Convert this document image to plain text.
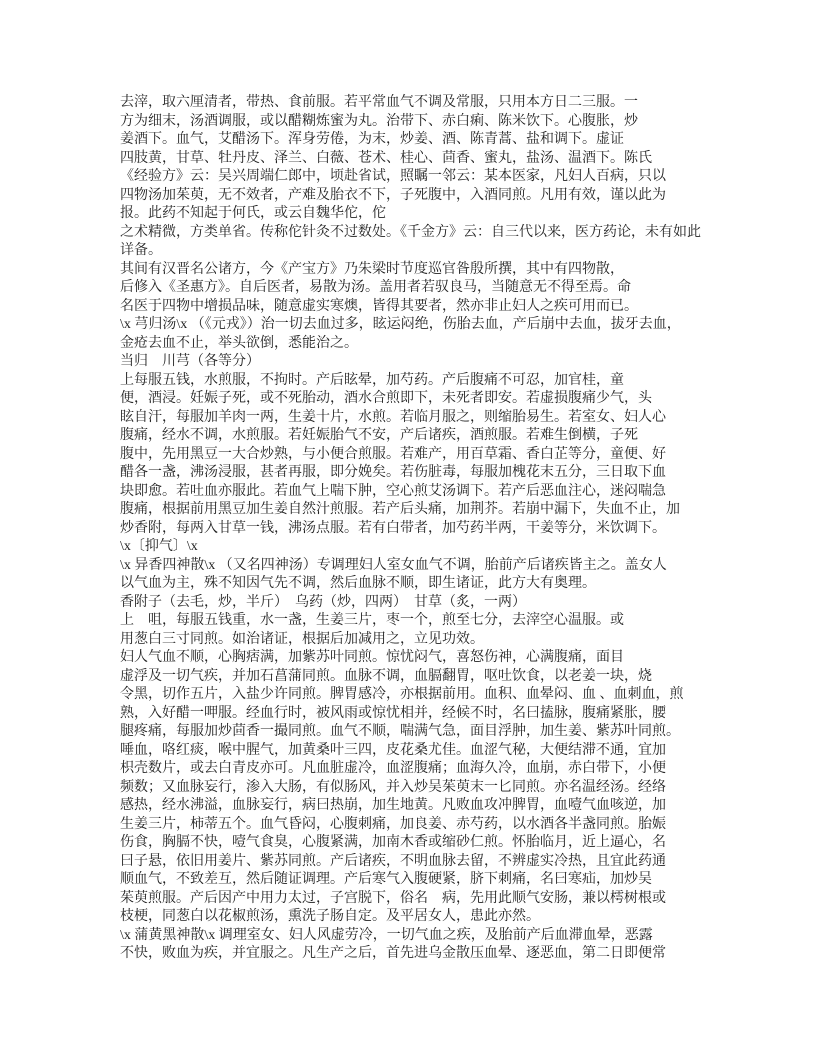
去滓，取六厘清者，带热、食前服。若平常血气不调及常服，只用本方日二三服。一
方为细末，汤酒调服，或以醋糊炼蜜为丸。治带下、赤白痢、陈米饮下。心腹胀，炒
姜酒下。血气，艾醋汤下。浑身劳倦，为末，炒姜、酒、陈青蒿、盐和调下。虚证
四肢黄，甘草、牡丹皮、泽兰、白薇、苍术、桂心、茴香、蜜丸，盐汤、温酒下。陈氏
《经验方》云：吴兴周端仁郎中，顷赴省试，照瞩一邻云：某本医家，凡妇人百病，只以
四物汤加茱萸，无不效者，产难及胎衣不下，子死腹中，入酒同煎。凡用有效，谨以此为
报。此药不知起于何氏，或云自魏华佗，佗
之术精微，方类单省。传称佗针灸不过数处。《千金方》云：自三代以来，医方药论，未有如此
详备。
其间有汉晋名公诸方，今《产宝方》乃朱梁时节度巡官昝殷所撰，其中有四物散，
后修入《圣惠方》。自后医者，易散为汤。盖用者若驭良马，当随意无不得至焉。命
名医于四物中增损品味，随意虚实寒燠，皆得其要者，然亦非止妇人之疾可用而已。
\x 芎归汤\x （《元戎》）治一切去血过多，眩运闷绝，伤胎去血，产后崩中去血，拔牙去血，
金疮去血不止，举头欲倒，悉能治之。
当归　川芎（各等分）
上每服五钱，水煎服，不拘时。产后眩晕，加芍药。产后腹痛不可忍，加官桂，童
便，酒浸。妊娠子死，或不死胎动，酒水合煎即下，未死者即安。若虚损腹痛少气，头
眩自汗，每服加羊肉一两，生姜十片，水煎。若临月服之，则缩胎易生。若室女、妇人心
腹痛，经水不调，水煎服。若妊娠胎气不安，产后诸疾，酒煎服。若难生倒横，子死
腹中，先用黑豆一大合炒熟，与小便合煎服。若难产，用百草霜、香白芷等分，童便、好
醋各一盏，沸汤浸服，甚者再服，即分娩矣。若伤脏毒，每服加槐花末五分，三日取下血
块即愈。若吐血亦服此。若血气上喘下肿，空心煎艾汤调下。若产后恶血注心，迷闷喘急
腹痛，根据前用黑豆加生姜自然汁煎服。若产后头痛，加荆芥。若崩中漏下，失血不止，加
炒香附，每两入甘草一钱，沸汤点服。若有白带者，加芍药半两，干姜等分，米饮调下。
\x〔抑气〕\x
\x 异香四神散\x （又名四神汤）专调理妇人室女血气不调，胎前产后诸疾皆主之。盖女人
以气血为主，殊不知因气先不调，然后血脉不顺，即生诸证，此方大有奥理。
香附子（去毛，炒，半斤）　乌药（炒，四两）　甘草（炙，一两）
上　咀，每服五钱重，水一盏，生姜三片，枣一个，煎至七分，去滓空心温服。或
用葱白三寸同煎。如治诸证，根据后加减用之，立见功效。
妇人气血不顺，心胸痞满，加紫苏叶同煎。惊忧闷气，喜怒伤神，心满腹痛，面目
虚浮及一切气疾，并加石菖蒲同煎。血脉不调，血膈翻胃，呕吐饮食，以老姜一块，烧
令黑，切作五片，入盐少许同煎。脾胃感冷，亦根据前用。血积、血晕闷、血 、血刺血，煎
熟，入好醋一呷服。经血行时，被风雨或惊忧相并，经候不时，名曰搕脉，腹痛紧胀，腰
腿疼痛，每服加炒茴香一撮同煎。血气不顺，喘满气急，面目浮肿，加生姜、紫苏叶同煎。
唾血，咯红痰，喉中腥气，加黄桑叶三四，皮花桑尤佳。血涩气秘，大便结滞不通，宜加
枳壳数片，或去白青皮亦可。凡血脏虚冷，血涩腹痛；血海久冷，血崩，赤白带下，小便
频数；又血脉妄行，渗入大肠，有似肠风，并入炒吴茱萸末一匕同煎。亦名温经汤。经络
感热，经水沸溢，血脉妄行，病曰热崩，加生地黄。凡败血攻冲脾胃，血噎气血咳逆，加
生姜三片，柿蒂五个。血气昏闷，心腹刺痛，加良姜、赤芍药，以水酒各半盏同煎。胎娠
伤食，胸膈不快，噎气食臭，心腹紧满，加南木香或缩砂仁煎。怀胎临月，近上逼心，名
曰子悬，依旧用姜片、紫苏同煎。产后诸疾，不明血脉去留，不辨虚实冷热，且宜此药通
顺血气，不致差互，然后随证调理。产后寒气入腹硬紧，脐下刺痛，名曰寒疝，加炒吴
茱萸煎服。产后因产中用力太过，子宫脱下，俗名　病，先用此顺气安肠，兼以樗树根或
枝梗，同葱白以花椒煎汤，熏洗子肠自定。及平居女人，患此亦然。
\x 蒲黄黑神散\x 调理室女、妇人风虚劳冷，一切气血之疾，及胎前产后血滞血晕，恶露
不快，败血为疾，并宜服之。凡生产之后，首先进乌金散压血晕、逐恶血，第二日即便常
